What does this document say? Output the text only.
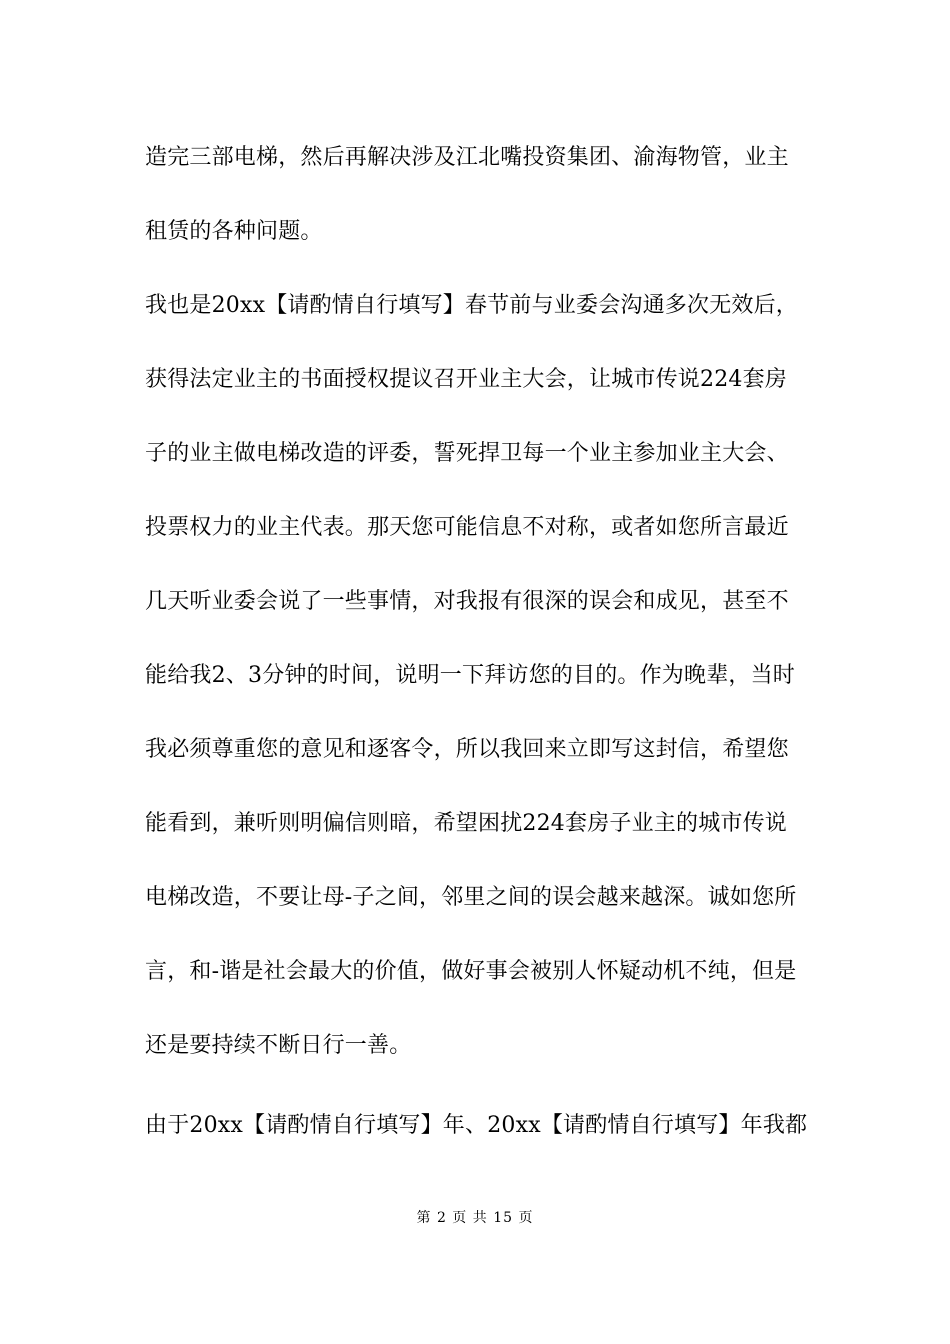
造完三部电梯，然后再解决涉及江北嘴投资集团、渝海物管，业主
租赁的各种问题。
我也是20xx【请酌情自行填写】春节前与业委会沟通多次无效后，
获得法定业主的书面授权提议召开业主大会，让城市传说224套房
子的业主做电梯改造的评委，誓死捍卫每一个业主参加业主大会、
投票权力的业主代表。那天您可能信息不对称，或者如您所言最近
几天听业委会说了一些事情，对我报有很深的误会和成见，甚至不
能给我2、3分钟的时间，说明一下拜访您的目的。作为晚辈，当时
我必须尊重您的意见和逐客令，所以我回来立即写这封信，希望您
能看到，兼听则明偏信则暗，希望困扰224套房子业主的城市传说
电梯改造，不要让母-子之间，邻里之间的误会越来越深。诚如您所
言，和-谐是社会最大的价值，做好事会被别人怀疑动机不纯，但是
还是要持续不断日行一善。
由于20xx【请酌情自行填写】年、20xx【请酌情自行填写】年我都
第 2 页 共 15 页
